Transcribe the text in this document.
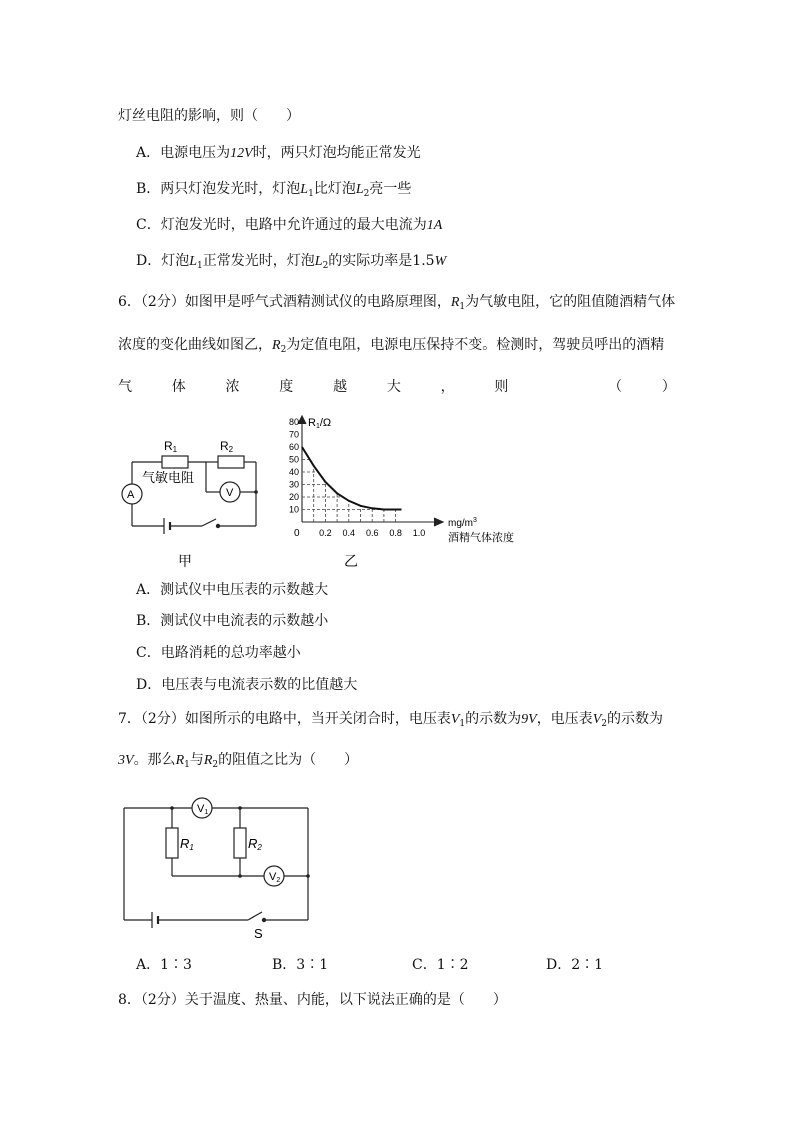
灯丝电阻的影响，则（　　）
A．电源电压为12V时，两只灯泡均能正常发光
B．两只灯泡发光时，灯泡$L_1$比灯泡$L_2$亮一些
C．灯泡发光时，电路中允许通过的最大电流为1A
D．灯泡$L_1$正常发光时，灯泡$L_2$的实际功率是1.5W
6．（2分）如图甲是呼气式酒精测试仪的电路原理图，$R_1$为气敏电阻，它的阻值随酒精气体
浓度的变化曲线如图乙，$R_2$为定值电阻，电源电压保持不变。检测时，驾驶员呼出的酒精
气	体	浓	度	越	大	，	则	（	）
R1	R2
气敏电阻
A	V
甲
80
70
60
50
40
30
20
10
0.2 0.4 0.6 0.8 1.0
R1/Ω
$mg/m^3$
酒精气体浓度
0
乙
A．测试仪中电压表的示数越大
B．测试仪中电流表的示数越小
C．电路消耗的总功率越小
D．电压表与电流表示数的比值越大
7．（2分）如图所示的电路中，当开关闭合时，电压表$V_1$的示数为9V，电压表$V_2$的示数为
3V。那么$R_1$与$R_2$的阻值之比为（　　）
V1
V2
R1	R2
S
A．1∶3	B．3∶1	C．1∶2	D．2∶1
8．（2分）关于温度、热量、内能，以下说法正确的是（　　）
